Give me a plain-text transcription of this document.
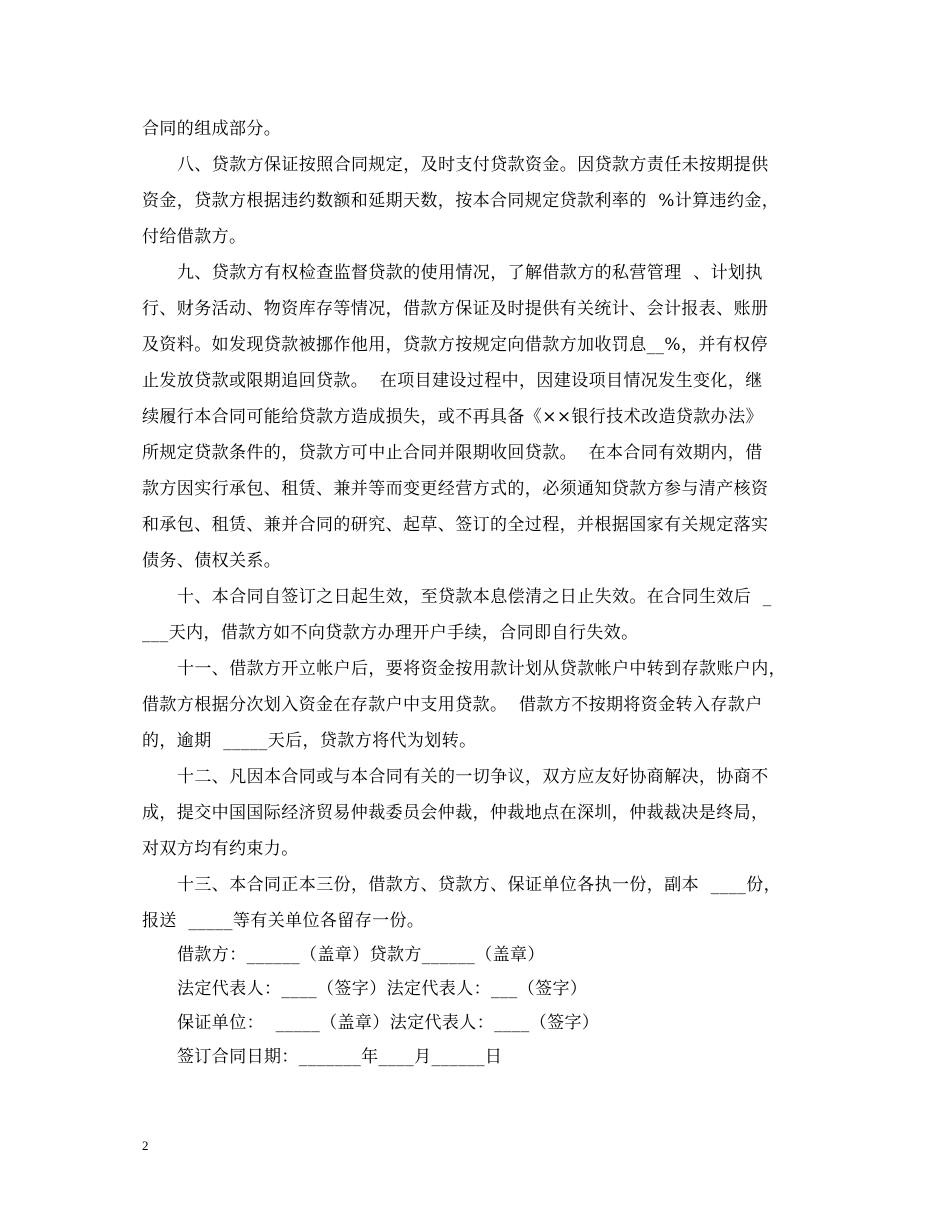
合同的组成部分。
八、贷款方保证按照合同规定，及时支付贷款资金。因贷款方责任未按期提供
资金，贷款方根据违约数额和延期天数，按本合同规定贷款利率的  %计算违约金，
付给借款方。
九、贷款方有权检查监督贷款的使用情况，了解借款方的私营管理  、计划执
行、财务活动、物资库存等情况，借款方保证及时提供有关统计、会计报表、账册
及资料。如发现贷款被挪作他用，贷款方按规定向借款方加收罚息__%，并有权停
止发放贷款或限期追回贷款。  在项目建设过程中，因建设项目情况发生变化，继
续履行本合同可能给贷款方造成损失，或不再具备《××银行技术改造贷款办法》
所规定贷款条件的，贷款方可中止合同并限期收回贷款。  在本合同有效期内，借
款方因实行承包、租赁、兼并等而变更经营方式的，必须通知贷款方参与清产核资
和承包、租赁、兼并合同的研究、起草、签订的全过程，并根据国家有关规定落实
债务、债权关系。
十、本合同自签订之日起生效，至贷款本息偿清之日止失效。在合同生效后  _
___天内，借款方如不向贷款方办理开户手续，合同即自行失效。
十一、借款方开立帐户后，要将资金按用款计划从贷款帐户中转到存款账户内，
借款方根据分次划入资金在存款户中支用贷款。  借款方不按期将资金转入存款户
的，逾期  _____天后，贷款方将代为划转。
十二、凡因本合同或与本合同有关的一切争议，双方应友好协商解决，协商不
成，提交中国国际经济贸易仲裁委员会仲裁，仲裁地点在深圳，仲裁裁决是终局，
对双方均有约束力。
十三、本合同正本三份，借款方、贷款方、保证单位各执一份，副本  ____份，
报送  _____等有关单位各留存一份。
借款方：______（盖章）贷款方______（盖章）
法定代表人：____（签字）法定代表人：___（签字）
保证单位：  _____（盖章）法定代表人：____（签字）
签订合同日期：_______年____月______日
2
